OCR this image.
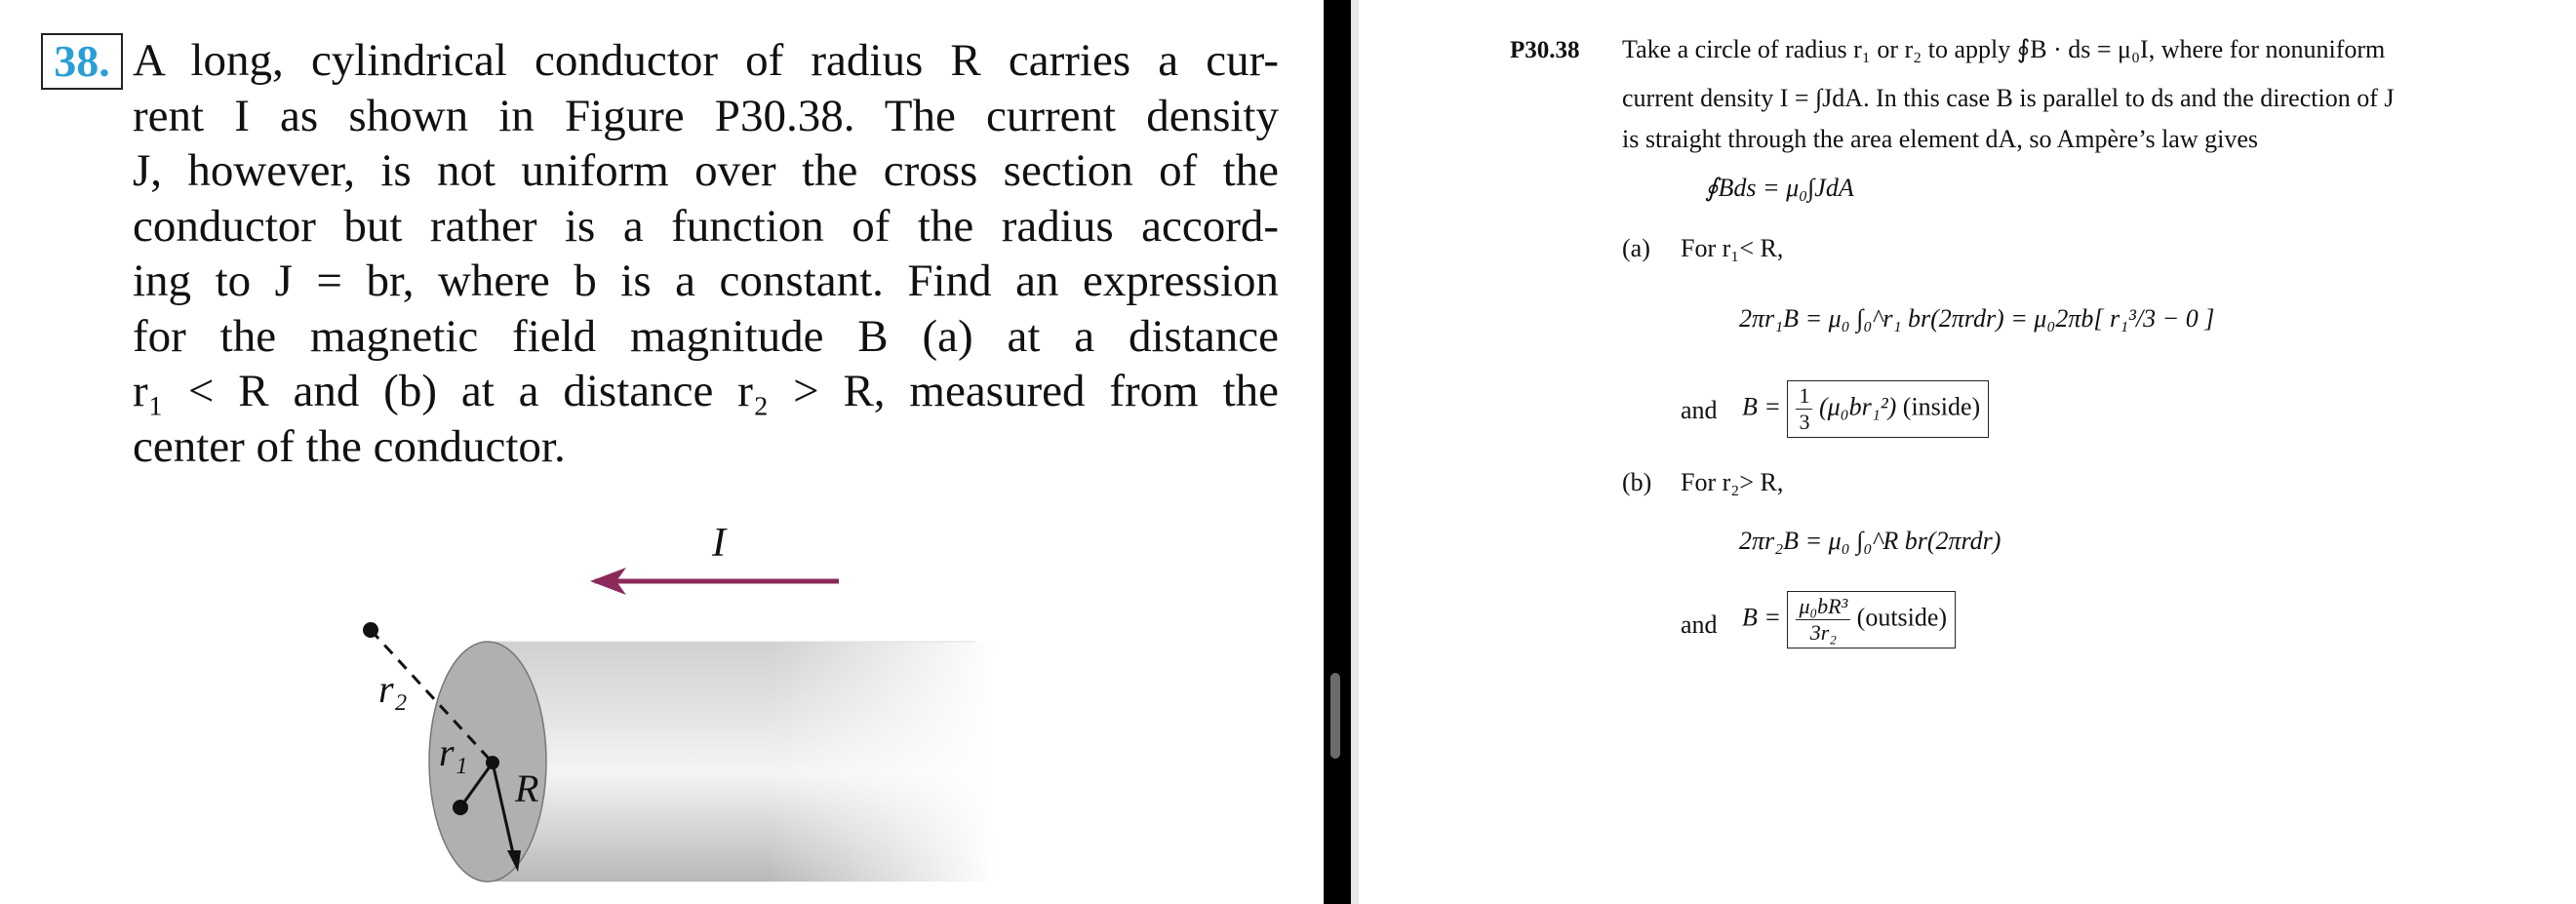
38. A long, cylindrical conductor of radius R carries a cur-
rent I as shown in Figure P30.38. The current density
J, however, is not uniform over the cross section of the
conductor but rather is a function of the radius accord-
ing to J = br, where b is a constant. Find an expression
for the magnetic field magnitude B (a) at a distance
r₁ < R and (b) at a distance r₂ > R, measured from the
center of the conductor.
I
r₂
r₁
R
P30.38 Take a circle of radius r₁ or r₂ to apply ∮B · ds = μ₀I, where for nonuniform
current density I = ∫JdA. In this case B is parallel to ds and the direction of J
is straight through the area element dA, so Ampère’s law gives
∮Bds = μ₀∫JdA
(a) For r₁< R,
2πr₁B = μ₀ ∫₀^r₁ br(2πrdr) = μ₀2πb[ r₁³/3 − 0 ]
and $B = \frac{1}{3} (\mu_0br_1^2)$ (inside)
(b) For r₂> R,
2πr₂B = μ₀ ∫₀^R br(2πrdr)
and $B = \frac{\text{μ₀bR³}}{\text{3r₂}}$ (outside)
